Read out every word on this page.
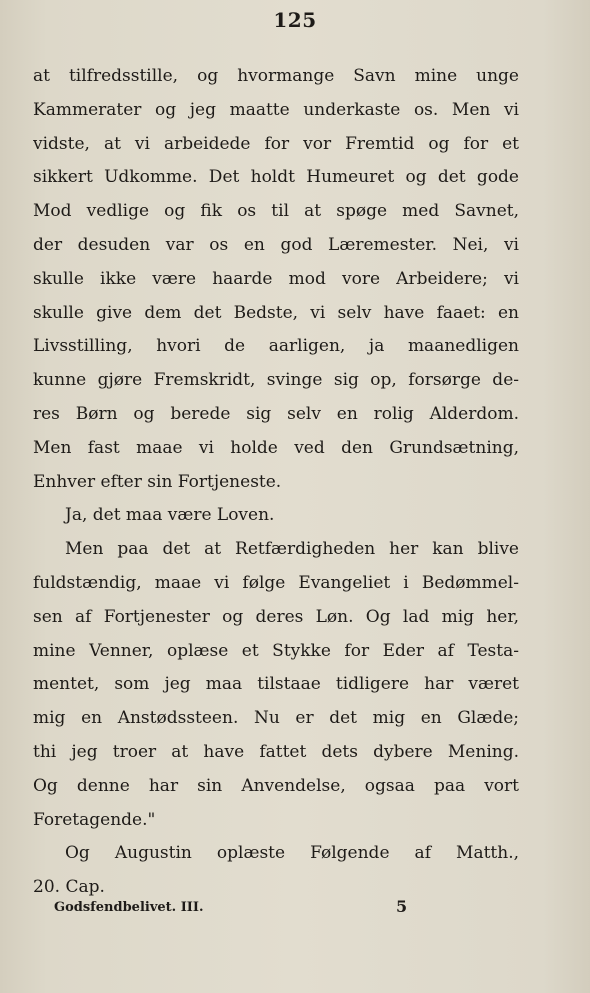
125
at tilfredsstille, og hvormange Savn mine unge
Kammerater og jeg maatte underkaste os. Men vi
vidste, at vi arbeidede for vor Fremtid og for et
sikkert Udkomme. Det holdt Humeuret og det gode
Mod vedlige og fik os til at spøge med Savnet,
der desuden var os en god Læremester. Nei, vi
skulle ikke være haarde mod vore Arbeidere; vi
skulle give dem det Bedste, vi selv have faaet: en
Livsstilling, hvori de aarligen, ja maanedligen
kunne gjøre Fremskridt, svinge sig op, forsørge de-
res Børn og berede sig selv en rolig Alderdom.
Men fast maae vi holde ved den Grundsætning,
Enhver efter sin Fortjeneste.
Ja, det maa være Loven.
Men paa det at Retfærdigheden her kan blive
fuldstændig, maae vi følge Evangeliet i Bedømmel-
sen af Fortjenester og deres Løn. Og lad mig her,
mine Venner, oplæse et Stykke for Eder af Testa-
mentet, som jeg maa tilstaae tidligere har været
mig en Anstødssteen. Nu er det mig en Glæde;
thi jeg troer at have fattet dets dybere Mening.
Og denne har sin Anvendelse, ogsaa paa vort
Foretagende."
Og Augustin oplæste Følgende af Matth.,
20. Cap.
Godsfendbelivet. III.	5
